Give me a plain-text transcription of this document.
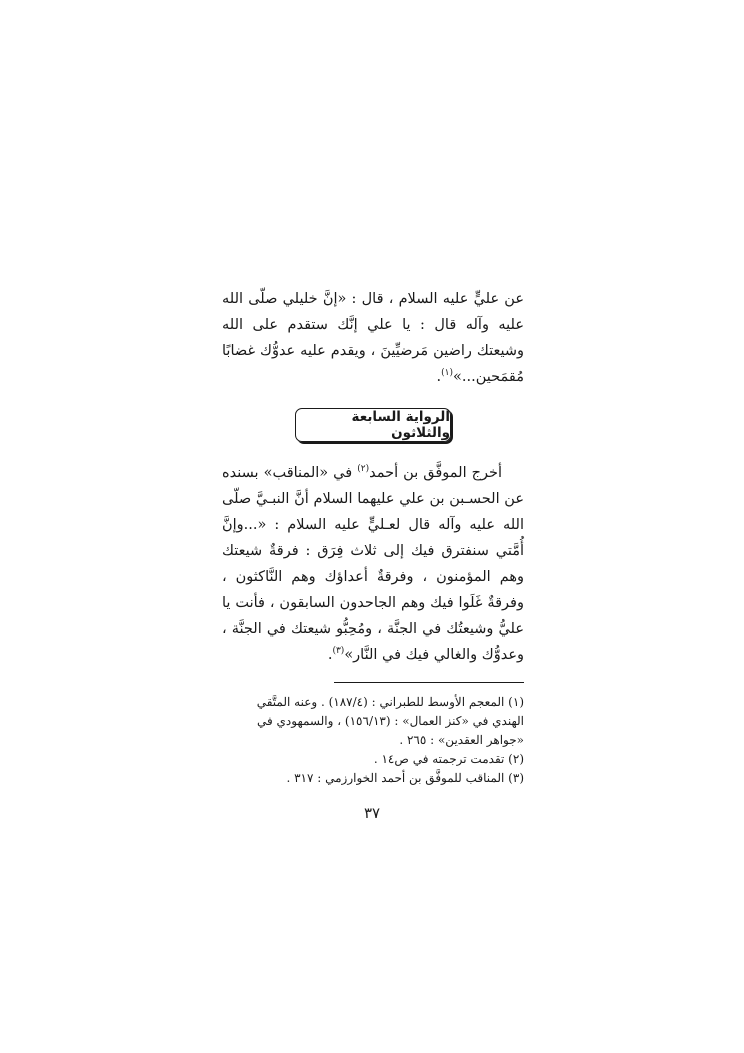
عن عليٍّ عليه السلام ، قال : «إنَّ خليلي صلّى الله عليه وآله قال : يا علي إنَّك ستقدم على الله وشيعتك راضين مَرضيِّينَ ، ويقدم عليه عدوُّك غضابًا مُقمَحين...»$^{(١)}$.

الرواية السابعة والثلاثون

أخرج الموفَّق بن أحمد$^{(٢)}$ في «المناقب» بسنده عن الحسـبن بن علي عليهما السلام أنَّ النبـيَّ صلّى الله عليه وآله قال لعـليٍّ عليه السلام : «...وإنَّ أُمَّتي سنفترق فيك إلى ثلاث فِرَق : فرقةٌ شيعتك وهم المؤمنون ، وفرقةٌ أعداؤك وهم النَّاكثون ، وفرقةٌ غَلَوا فيك وهم الجاحدون السابقون ، فأنت يا عليُّ وشيعتُك في الجنَّة ، ومُحِبُّو شيعتك في الجنَّة ، وعدوُّك والغالي فيك في النَّار»$^{(٣)}$.

(١) المعجم الأوسط للطبراني : (١٨٧/٤) . وعنه المتَّقي الهندي في «كنز العمال» : (١٥٦/١٣) ، والسمهودي في «جواهر العقدين» : ٢٦٥ .

(٢) تقدمت ترجمته في ص١٤ .

(٣) المناقب للموفَّق بن أحمد الخوارزمي : ٣١٧ .

٣٧
